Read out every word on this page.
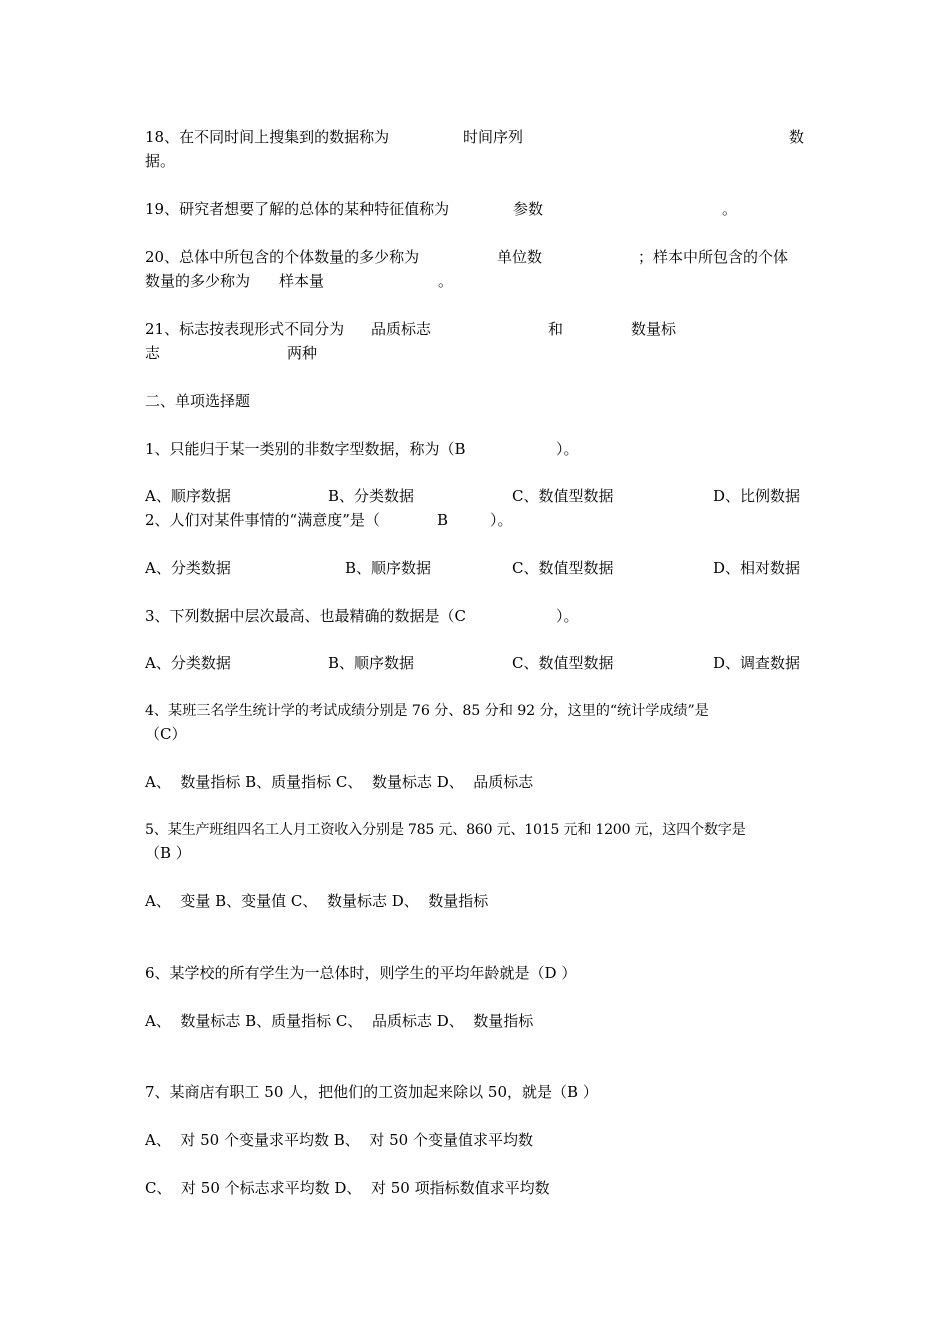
18、在不同时间上搜集到的数据称为	时间序列	数
据。
19、研究者想要了解的总体的某种特征值称为	参数	。
20、总体中所包含的个体数量的多少称为	单位数	；样本中所包含的个体
数量的多少称为 样本量	。
21、标志按表现形式不同分为 品质标志	和	数量标
志	两种
二、单项选择题
1、只能归于某一类别的非数字型数据，称为（B	）。
A、顺序数据	B、分类数据	C、数值型数据	D、比例数据
2、人们对某件事情的“满意度”是（	B	）。
A、分类数据	B、顺序数据	C、数值型数据	D、相对数据
3、下列数据中层次最高、也最精确的数据是（C	）。
A、分类数据	B、顺序数据	C、数值型数据	D、调查数据
4、某班三名学生统计学的考试成绩分别是 76 分、85 分和 92 分，这里的“统计学成绩”是
（C）
A、  数量指标 B、质量指标 C、  数量标志 D、  品质标志
5、某生产班组四名工人月工资收入分别是 785 元、860 元、1015 元和 1200 元，这四个数字是
（B ）
A、  变量 B、变量值 C、  数量标志 D、  数量指标
6、某学校的所有学生为一总体时，则学生的平均年龄就是（D ）
A、  数量标志 B、质量指标 C、  品质标志 D、  数量指标
7、某商店有职工 50 人，把他们的工资加起来除以 50，就是（B ）
A、  对 50 个变量求平均数 B、  对 50 个变量值求平均数
C、  对 50 个标志求平均数 D、  对 50 项指标数值求平均数
